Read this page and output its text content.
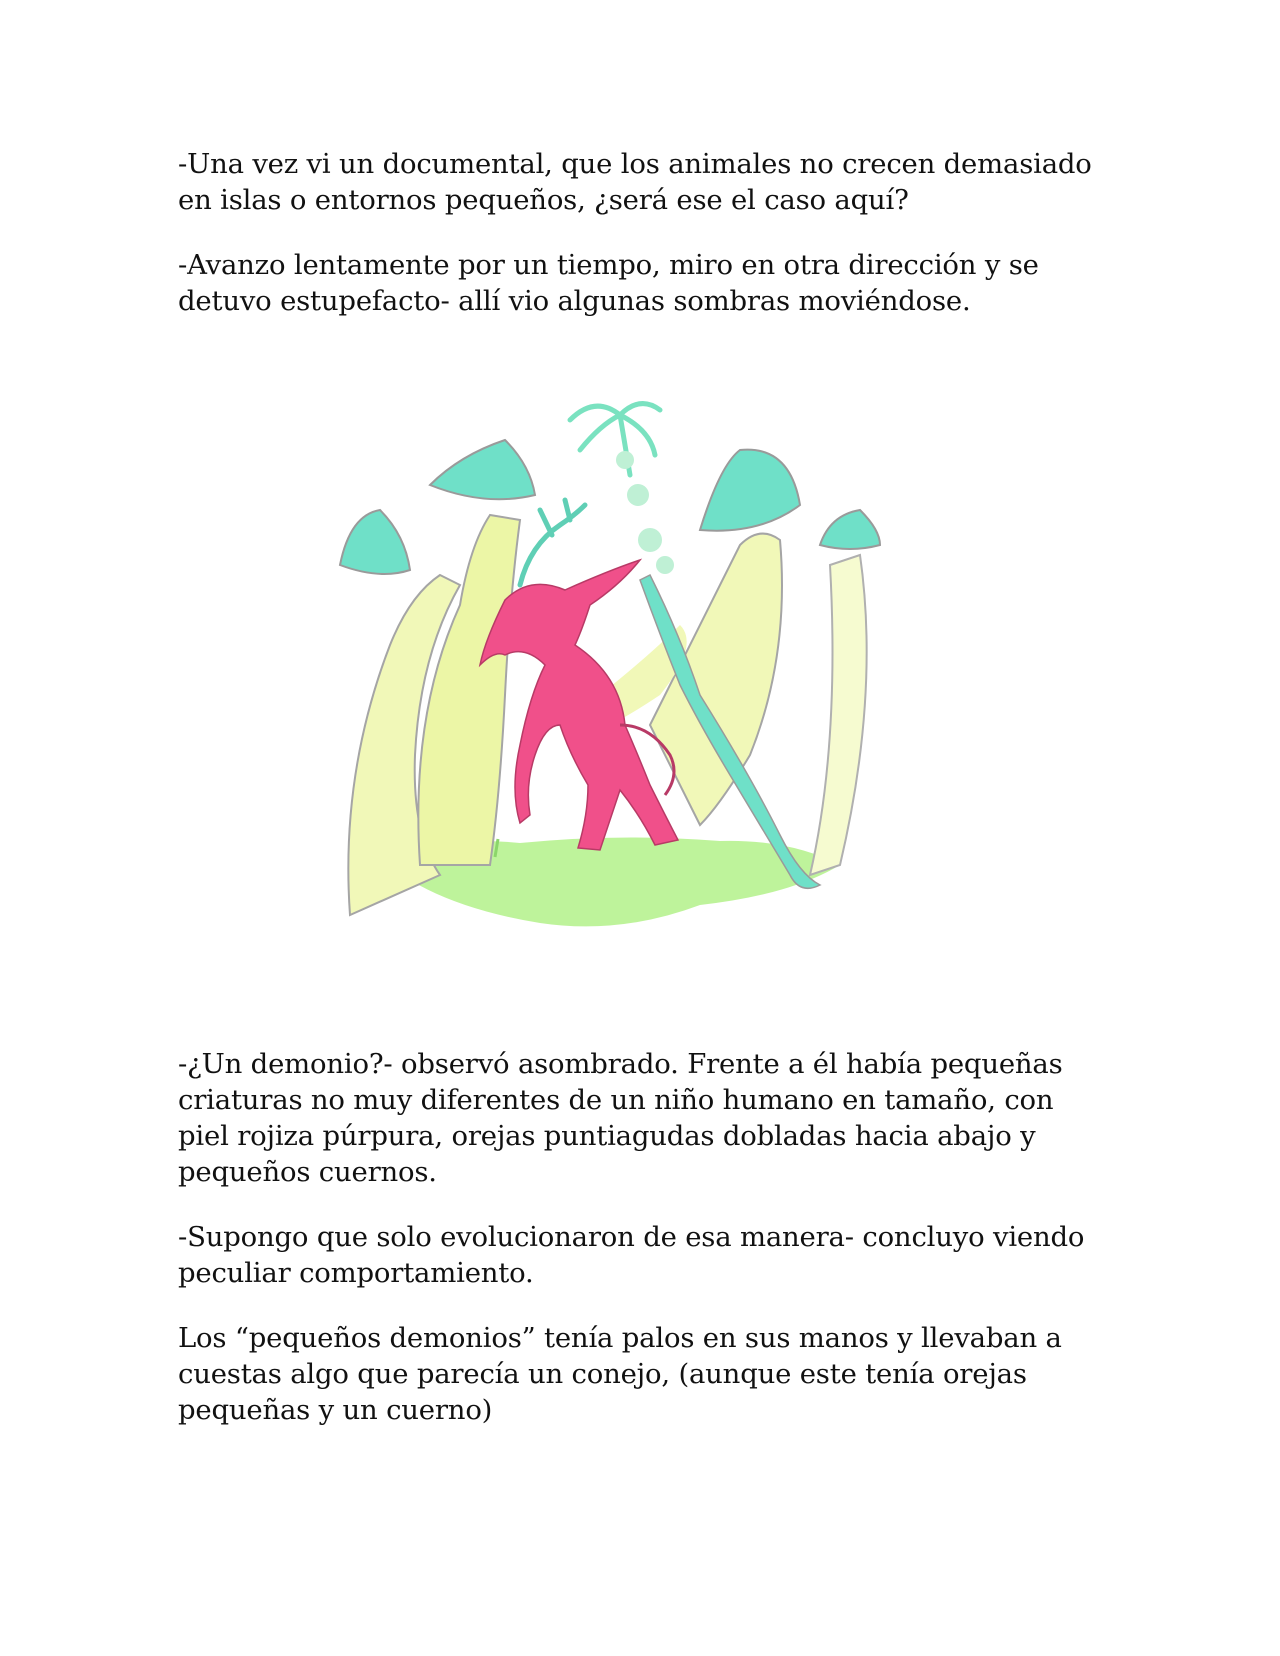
-Una vez vi un documental, que los animales no crecen demasiado en islas o entornos pequeños, ¿será ese el caso aquí?

-Avanzo lentamente por un tiempo, miro en otra dirección y se detuvo estupefacto- allí vio algunas sombras moviéndose.

-¿Un demonio?- observó asombrado. Frente a él había pequeñas criaturas no muy diferentes de un niño humano en tamaño, con piel rojiza púrpura, orejas puntiagudas dobladas hacia abajo y pequeños cuernos.

-Supongo que solo evolucionaron de esa manera- concluyo viendo peculiar comportamiento.

Los “pequeños demonios” tenía palos en sus manos y llevaban a cuestas algo que parecía un conejo, (aunque este tenía orejas pequeñas y un cuerno)
